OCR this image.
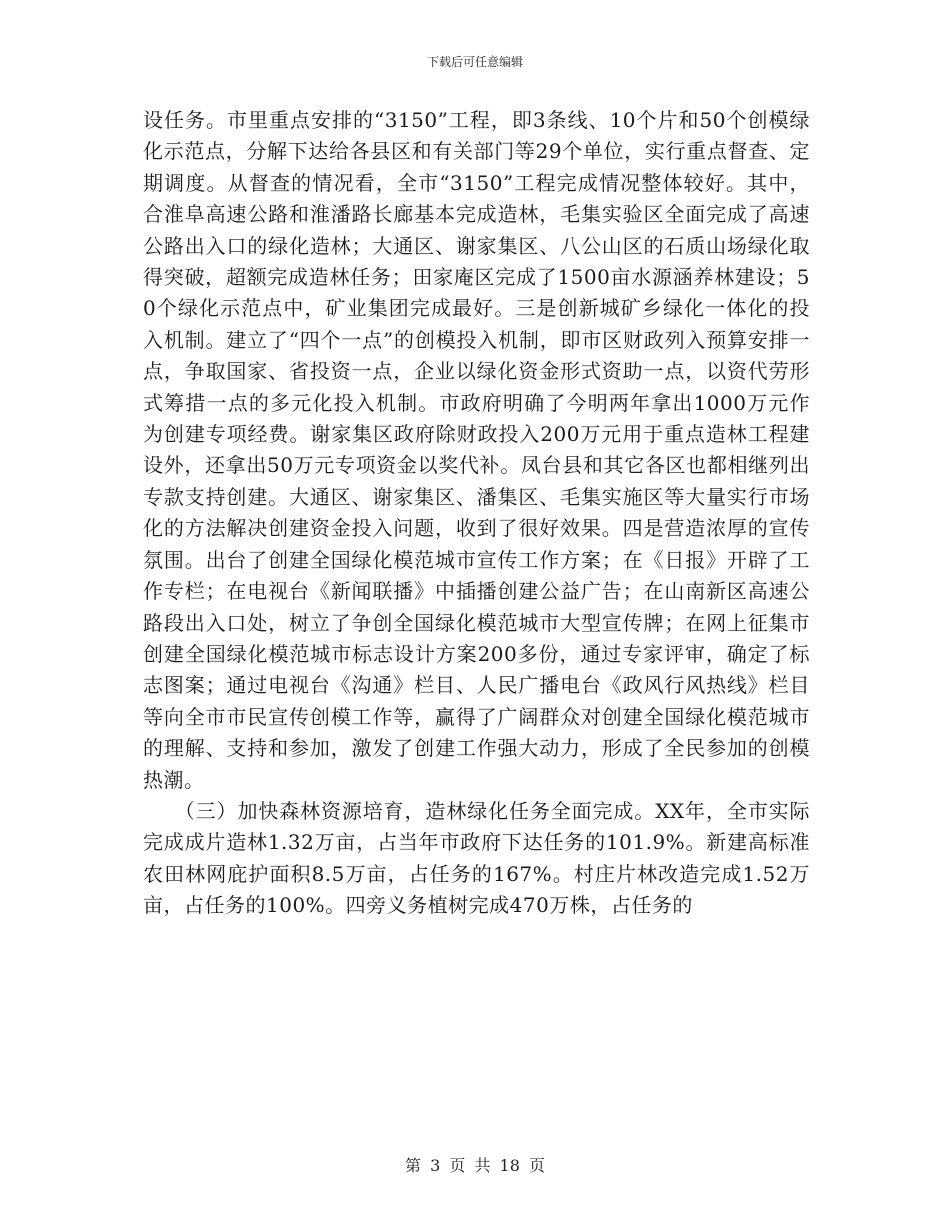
下载后可任意编辑

设任务。市里重点安排的“3150”工程，即3条线、10个片和50个创模绿化示范点，分解下达给各县区和有关部门等29个单位，实行重点督查、定期调度。从督查的情况看，全市“3150”工程完成情况整体较好。其中，合淮阜高速公路和淮潘路长廊基本完成造林，毛集实验区全面完成了高速公路出入口的绿化造林；大通区、谢家集区、八公山区的石质山场绿化取得突破，超额完成造林任务；田家庵区完成了1500亩水源涵养林建设；50个绿化示范点中，矿业集团完成最好。三是创新城矿乡绿化一体化的投入机制。建立了“四个一点”的创模投入机制，即市区财政列入预算安排一点，争取国家、省投资一点，企业以绿化资金形式资助一点，以资代劳形式筹措一点的多元化投入机制。市政府明确了今明两年拿出1000万元作为创建专项经费。谢家集区政府除财政投入200万元用于重点造林工程建设外，还拿出50万元专项资金以奖代补。凤台县和其它各区也都相继列出专款支持创建。大通区、谢家集区、潘集区、毛集实施区等大量实行市场化的方法解决创建资金投入问题，收到了很好效果。四是营造浓厚的宣传氛围。出台了创建全国绿化模范城市宣传工作方案；在《日报》开辟了工作专栏；在电视台《新闻联播》中插播创建公益广告；在山南新区高速公路段出入口处，树立了争创全国绿化模范城市大型宣传牌；在网上征集市创建全国绿化模范城市标志设计方案200多份，通过专家评审，确定了标志图案；通过电视台《沟通》栏目、人民广播电台《政风行风热线》栏目等向全市市民宣传创模工作等，赢得了广阔群众对创建全国绿化模范城市的理解、支持和参加，激发了创建工作强大动力，形成了全民参加的创模热潮。

　　（三）加快森林资源培育，造林绿化任务全面完成。XX年，全市实际完成成片造林1.32万亩，占当年市政府下达任务的101.9%。新建高标准农田林网庇护面积8.5万亩，占任务的167%。村庄片林改造完成1.52万亩，占任务的100%。四旁义务植树完成470万株，占任务的

第 3 页 共 18 页
